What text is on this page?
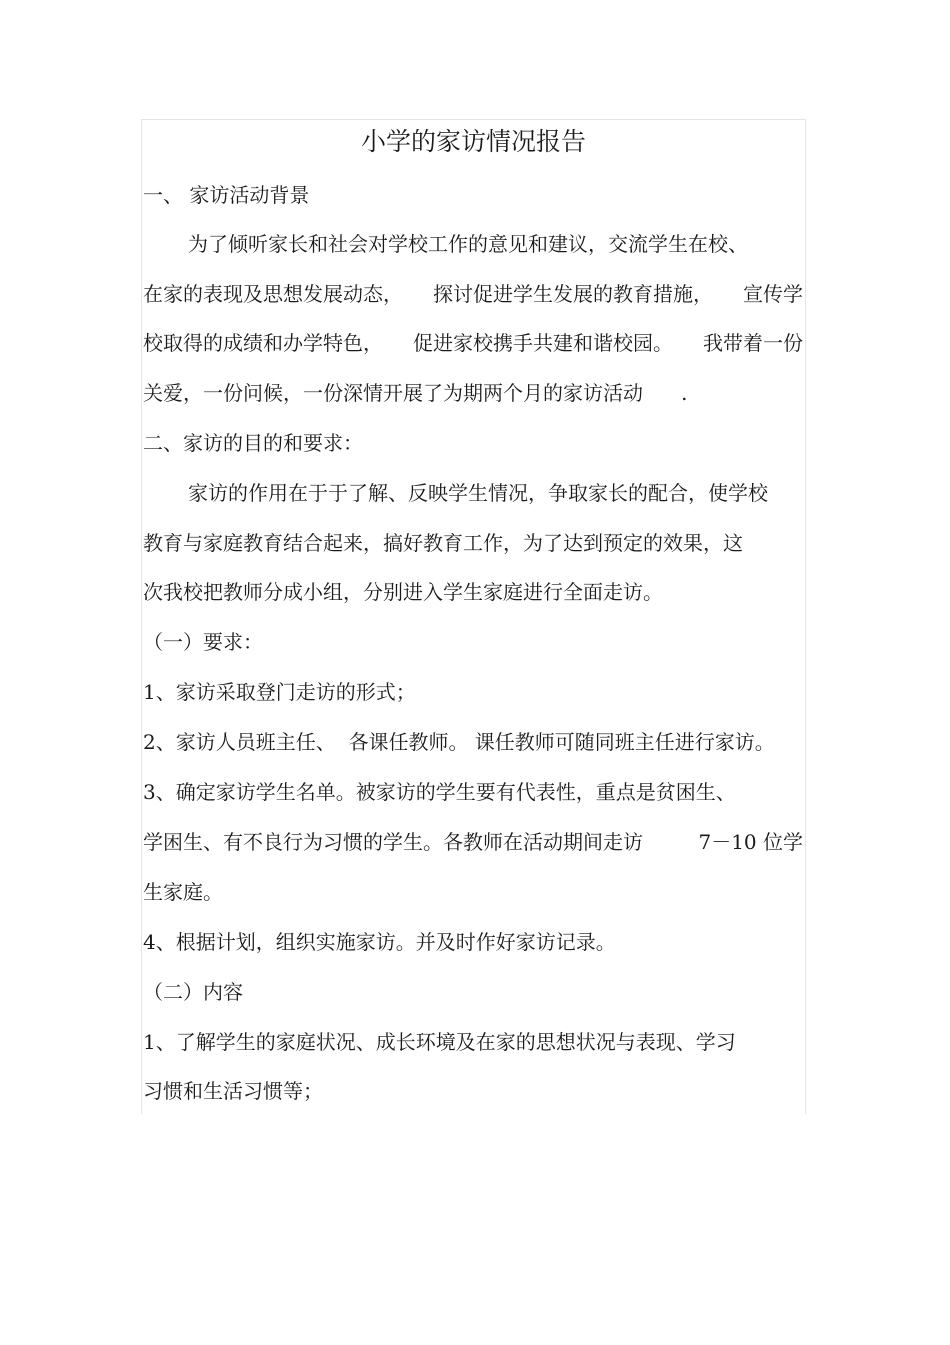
小学的家访情况报告
一、 家访活动背景
为了倾听家长和社会对学校工作的意见和建议，交流学生在校、
在家的表现及思想发展动态， 探讨促进学生发展的教育措施， 宣传学
校取得的成绩和办学特色， 促进家校携手共建和谐校园。 我带着一份
关爱，一份问候，一份深情开展了为期两个月的家访活动      .
二、家访的目的和要求：
家访的作用在于于了解、反映学生情况，争取家长的配合，使学校
教育与家庭教育结合起来，搞好教育工作，为了达到预定的效果，这
次我校把教师分成小组，分别进入学生家庭进行全面走访。
（一）要求：
1、家访采取登门走访的形式；
2、家访人员班主任、  各课任教师。 课任教师可随同班主任进行家访。
3、确定家访学生名单。被家访的学生要有代表性，重点是贫困生、
学困生、有不良行为习惯的学生。各教师在活动期间走访	7－10 位学
生家庭。
4、根据计划，组织实施家访。并及时作好家访记录。
（二）内容
1、了解学生的家庭状况、成长环境及在家的思想状况与表现、学习
习惯和生活习惯等；
